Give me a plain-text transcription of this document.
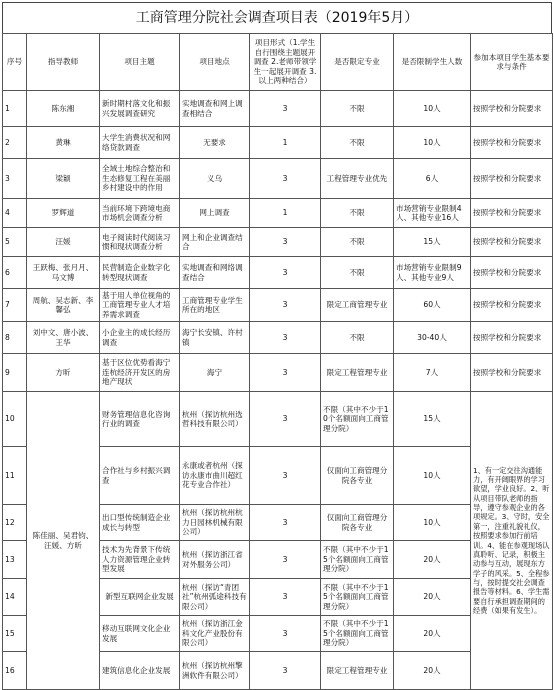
工商管理分院社会调查项目表（2019年5月）
序号	指导教师	项目主题	项目地点	项目形式（1.学生自行围绕主题展开调查 2.老师带领学生一起展开调查 3.以上两种结合）	是否限定专业	是否限制学生人数	参加本项目学生基本要求与条件
1	陈东湘	新时期村落文化和振兴发展调查研究	实地调查和网上调查相结合	3	不限	10人	按照学校和分院要求
2	黄琳	大学生消费状况和网络贷款调查	无要求	1	不限	10人	按照学校和分院要求
3	梁颖	全域土地综合整治和生态修复工程在美丽乡村建设中的作用	义乌	3	工程管理专业优先	6人	按照学校和分院要求
4	罗辉道	当前环境下跨境电商市场机会调查分析	网上调查	1	不限	市场营销专业限制4人、其他专业16人	按照学校和分院要求
5	汪媛	电子阅读时代阅读习惯和现状调查分析	网上和企业调查结合	3	不限	15人	按照学校和分院要求
6	王跃梅、张月月、马文博	民营制造企业数字化转型现状调查	实地调查和网络调查结合	3	不限	市场营销专业限制9人、其他专业9人	按照学校和分院要求
7	周航、吴志新、李馨弘	基于用人单位视角的工商管理专业人才培养需求调查	工商管理专业学生所在的地区	3	限定工商管理专业	60人	按照学校和分院要求
8	刘中文、唐小波、王华	小企业主的成长经历调查	海宁长安镇、许村镇	3	不限	30-40人	按照学校和分院要求
9	方昕	基于区位优势看海宁连杭经济开发区的房地产现状	海宁	3	限定工程管理专业	7人	按照学校和分院要求
10	陈佳丽、吴君钧、汪媛、方昕	财务管理信息化咨询行业的调查	杭州（探访杭州选哲科技有限公司）	3	不限（其中不少于10个名额面向工商管理分院）	15人	1、有一定交往沟通能力，有开阔眼界的学习欲望，学业良好。2、听从项目带队老师的指导，遵守参观企业的各项规定。3、守时，安全第一，注重礼貌礼仪，按照要求参加行前培训。4、能在参观现场认真聆听、记录，积极主动参与互动，展现东方学子的风采。5、全程参与，按时提交社会调查报告等材料。6、学生需要自行承担调查期间的经费（如果有发生）。
11		合作社与乡村振兴调查	永康或者杭州（探访永康市曲川超红花专业合作社）	3	仅面向工商管理分院各专业	10人	
12		出口型传统制造企业成长与转型	杭州（探访杭州杭力日园林机械有限公司）	3	仅面向工商管理分院各专业	10人	
13		技术为先背景下传统人力资源管理企业转型发展	杭州（探访浙江省对外服务公司）	3	不限（其中不少于15个名额面向工商管理分院）	20人	
14		新型互联网企业发展	杭州（探访“青团社”杭州弧途科技有限公司）	3	不限（其中不少于15个名额面向工商管理分院）	20人	
15		移动互联网文化企业发展	杭州（探访浙江金科文化产业股份有限公司）	3	不限（其中不少于15个名额面向工商管理分院）	20人	
16		建筑信息化企业发展	杭州（探访杭州擎洲软件有限公司）	3	限定工程管理专业	20人	
